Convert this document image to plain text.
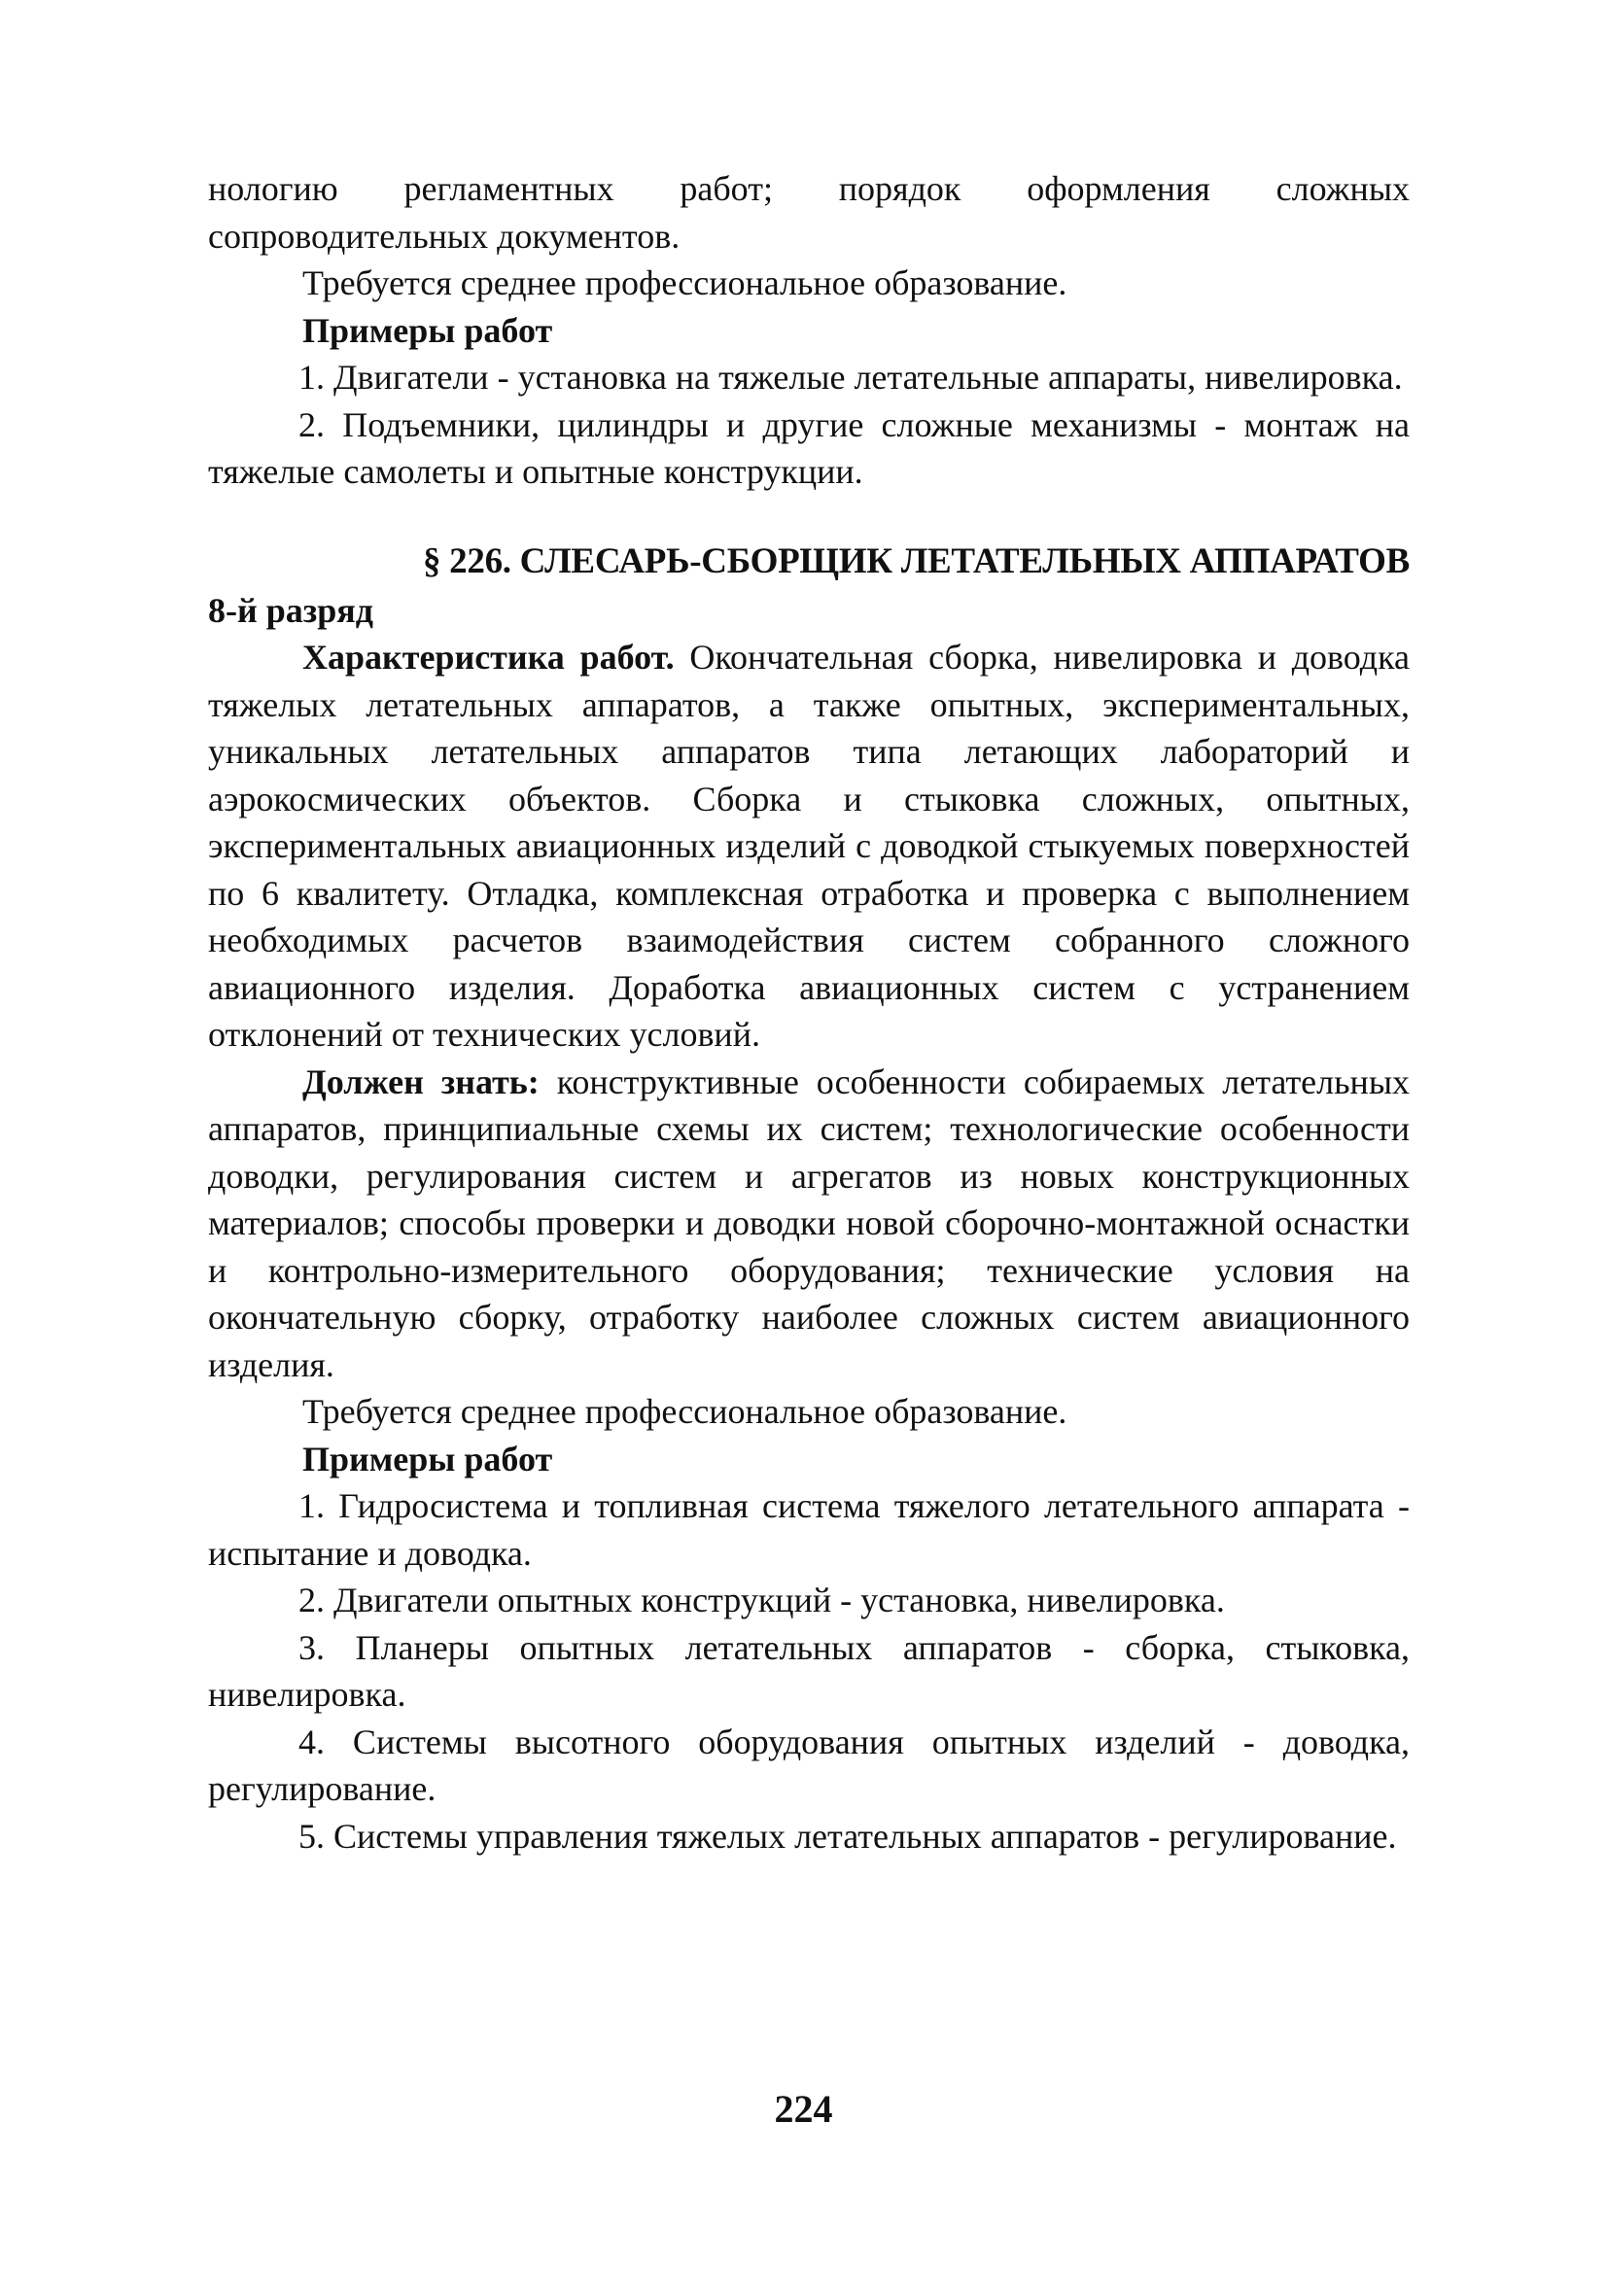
нологию регламентных работ; порядок оформления сложных сопроводительных документов.

Требуется среднее профессиональное образование.

Примеры работ

1. Двигатели - установка на тяжелые летательные аппараты, нивелировка.

2. Подъемники, цилиндры и другие сложные механизмы - монтаж на тяжелые самолеты и опытные конструкции.

§ 226. СЛЕСАРЬ-СБОРЩИК ЛЕТАТЕЛЬНЫХ АППАРАТОВ

8-й разряд

Характеристика работ. Окончательная сборка, нивелировка и доводка тяжелых летательных аппаратов, а также опытных, экспериментальных, уникальных летательных аппаратов типа летающих лабораторий и аэрокосмических объектов. Сборка и стыковка сложных, опытных, экспериментальных авиационных изделий с доводкой стыкуемых поверхностей по 6 квалитету. Отладка, комплексная отработка и проверка с выполнением необходимых расчетов взаимодействия систем собранного сложного авиационного изделия. Доработка авиационных систем с устранением отклонений от технических условий.

Должен знать: конструктивные особенности собираемых летательных аппаратов, принципиальные схемы их систем; технологические особенности доводки, регулирования систем и агрегатов из новых конструкционных материалов; способы проверки и доводки новой сборочно-монтажной оснастки и контрольно-измерительного оборудования; технические условия на окончательную сборку, отработку наиболее сложных систем авиационного изделия.

Требуется среднее профессиональное образование.

Примеры работ

1. Гидросистема и топливная система тяжелого летательного аппарата - испытание и доводка.

2. Двигатели опытных конструкций - установка, нивелировка.

3. Планеры опытных летательных аппаратов - сборка, стыковка, нивелировка.

4. Системы высотного оборудования опытных изделий - доводка, регулирование.

5. Системы управления тяжелых летательных аппаратов - регулирование.

224
